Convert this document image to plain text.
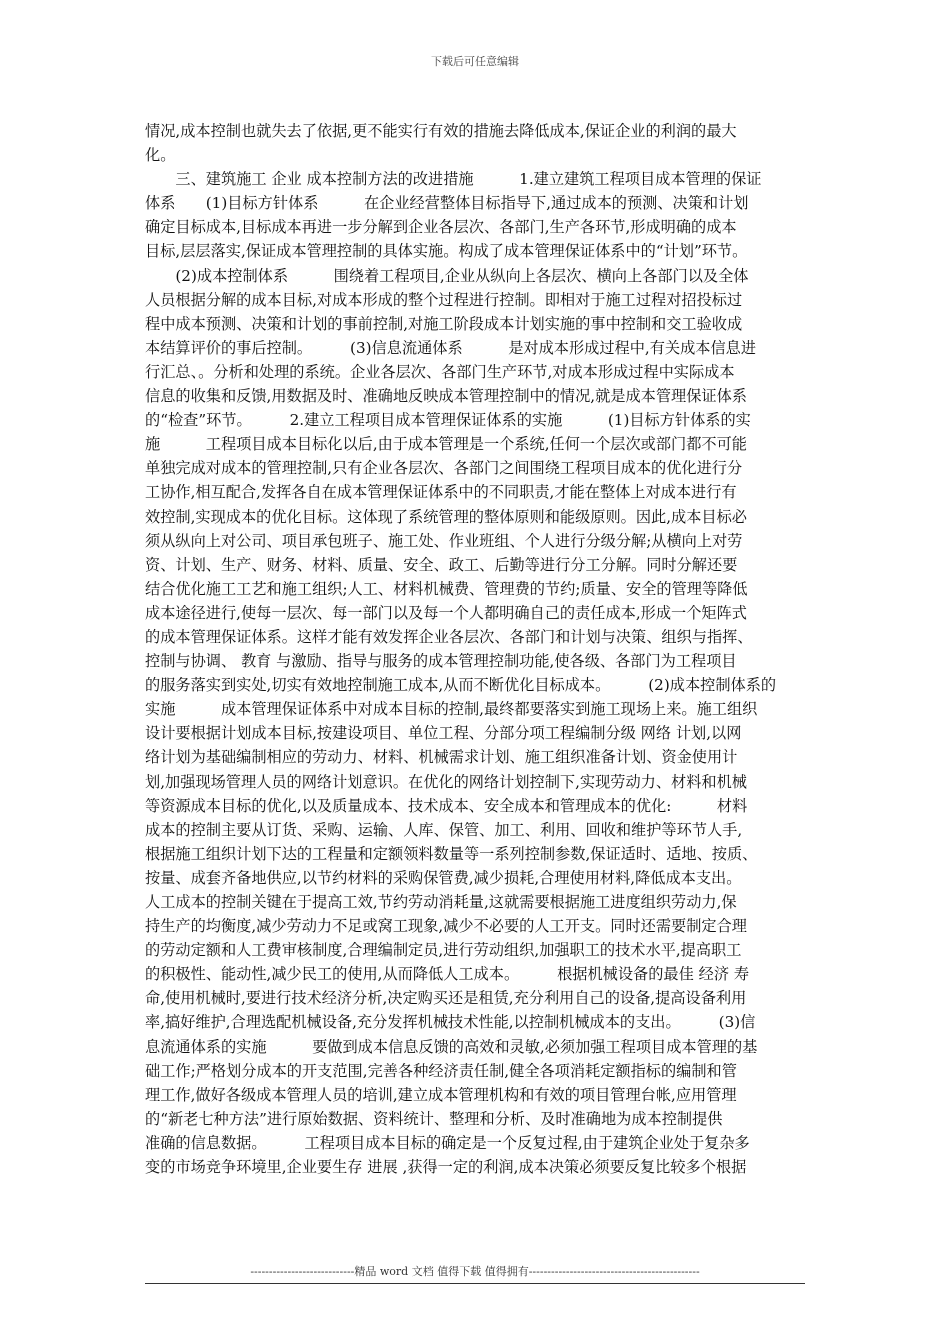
下载后可任意编辑
情况,成本控制也就失去了依据,更不能实行有效的措施去降低成本,保证企业的利润的最大
化。
　　三、建筑施工 企业 成本控制方法的改进措施　　　1.建立建筑工程项目成本管理的保证
体系　　(1)目标方针体系　　　在企业经营整体目标指导下,通过成本的预测、决策和计划
确定目标成本,目标成本再进一步分解到企业各层次、各部门,生产各环节,形成明确的成本
目标,层层落实,保证成本管理控制的具体实施。构成了成本管理保证体系中的“计划”环节。
　　(2)成本控制体系　　　围绕着工程项目,企业从纵向上各层次、横向上各部门以及全体
人员根据分解的成本目标,对成本形成的整个过程进行控制。即相对于施工过程对招投标过
程中成本预测、决策和计划的事前控制,对施工阶段成本计划实施的事中控制和交工验收成
本结算评价的事后控制。　　　(3)信息流通体系　　　是对成本形成过程中,有关成本信息进
行汇总、。分析和处理的系统。企业各层次、各部门生产环节,对成本形成过程中实际成本
信息的收集和反馈,用数据及时、准确地反映成本管理控制中的情况,就是成本管理保证体系
的“检查”环节。　　　2.建立工程项目成本管理保证体系的实施　　　(1)目标方针体系的实
施　　　工程项目成本目标化以后,由于成本管理是一个系统,任何一个层次或部门都不可能
单独完成对成本的管理控制,只有企业各层次、各部门之间围绕工程项目成本的优化进行分
工协作,相互配合,发挥各自在成本管理保证体系中的不同职责,才能在整体上对成本进行有
效控制,实现成本的优化目标。这体现了系统管理的整体原则和能级原则。因此,成本目标必
须从纵向上对公司、项目承包班子、施工处、作业班组、个人进行分级分解;从横向上对劳
资、计划、生产、财务、材料、质量、安全、政工、后勤等进行分工分解。同时分解还要
结合优化施工工艺和施工组织;人工、材料机械费、管理费的节约;质量、安全的管理等降低
成本途径进行,使每一层次、每一部门以及每一个人都明确自己的责任成本,形成一个矩阵式
的成本管理保证体系。这样才能有效发挥企业各层次、各部门和计划与决策、组织与指挥、
控制与协调、 教育 与激励、指导与服务的成本管理控制功能,使各级、各部门为工程项目
的服务落实到实处,切实有效地控制施工成本,从而不断优化目标成本。　　　(2)成本控制体系的
实施　　　成本管理保证体系中对成本目标的控制,最终都要落实到施工现场上来。施工组织
设计要根据计划成本目标,按建设项目、单位工程、分部分项工程编制分级 网络 计划,以网
络计划为基础编制相应的劳动力、材料、机械需求计划、施工组织准备计划、资金使用计
划,加强现场管理人员的网络计划意识。在优化的网络计划控制下,实现劳动力、材料和机械
等资源成本目标的优化,以及质量成本、技术成本、安全成本和管理成本的优化:　　　材料
成本的控制主要从订货、采购、运输、人库、保管、加工、利用、回收和维护等环节人手,
根据施工组织计划下达的工程量和定额领料数量等一系列控制参数,保证适时、适地、按质、
按量、成套齐备地供应,以节约材料的采购保管费,减少损耗,合理使用材料,降低成本支出。
人工成本的控制关键在于提高工效,节约劳动消耗量,这就需要根据施工进度组织劳动力,保
持生产的均衡度,减少劳动力不足或窝工现象,减少不必要的人工开支。同时还需要制定合理
的劳动定额和人工费审核制度,合理编制定员,进行劳动组织,加强职工的技术水平,提高职工
的积极性、能动性,减少民工的使用,从而降低人工成本。　　　根据机械设备的最佳 经济 寿
命,使用机械时,要进行技术经济分析,决定购买还是租赁,充分利用自己的设备,提高设备利用
率,搞好维护,合理选配机械设备,充分发挥机械技术性能,以控制机械成本的支出。　　　(3)信
息流通体系的实施　　　要做到成本信息反馈的高效和灵敏,必须加强工程项目成本管理的基
础工作;严格划分成本的开支范围,完善各种经济责任制,健全各项消耗定额指标的编制和管
理工作,做好各级成本管理人员的培训,建立成本管理机构和有效的项目管理台帐,应用管理
的“新老七种方法”进行原始数据、资料统计、整理和分析、及时准确地为成本控制提供
准确的信息数据。　　　工程项目成本目标的确定是一个反复过程,由于建筑企业处于复杂多
变的市场竞争环境里,企业要生存 进展 ,获得一定的利润,成本决策必须要反复比较多个根据
----------------------------精品 word 文档 值得下载 值得拥有----------------------------------------------
